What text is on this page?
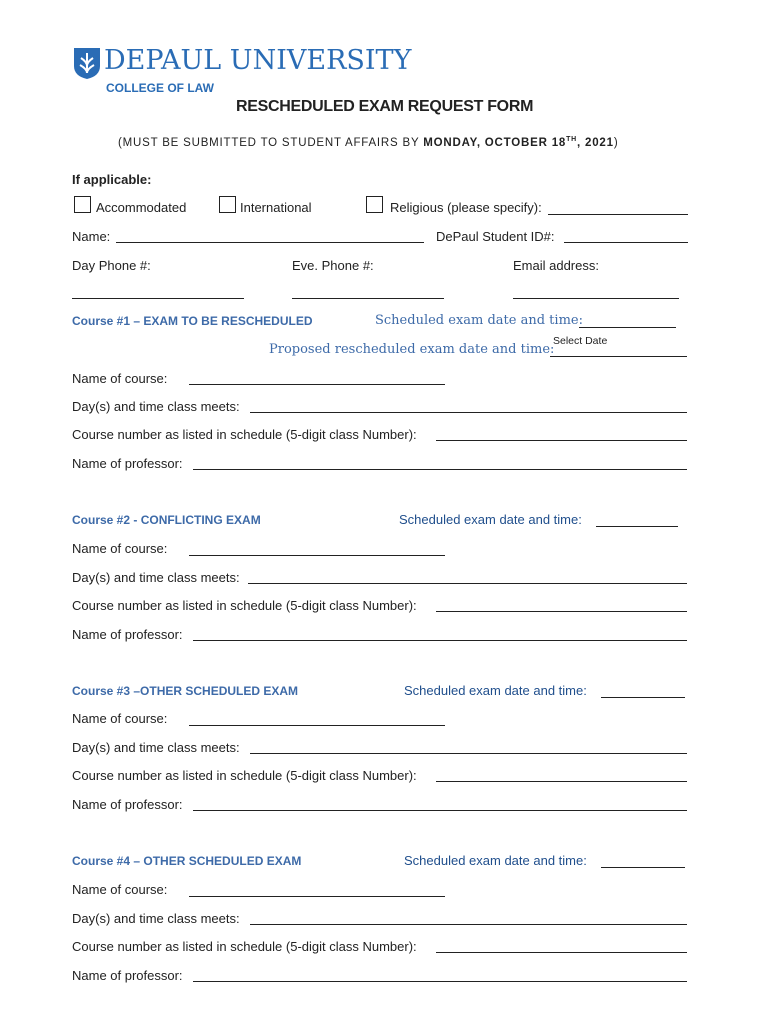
DEPAUL UNIVERSITY
COLLEGE OF LAW
RESCHEDULED EXAM REQUEST FORM
(MUST BE SUBMITTED TO STUDENT AFFAIRS BY MONDAY, OCTOBER 18TH, 2021)
If applicable:
Accommodated	International	Religious (please specify):
Name:	DePaul Student ID#:
Day Phone #:	Eve. Phone #:	Email address:
Course #1 – EXAM TO BE RESCHEDULED	Scheduled exam date and time:
Proposed rescheduled exam date and time:
Select Date
Name of course:
Day(s) and time class meets:
Course number as listed in schedule (5-digit class Number):
Name of professor:
Course #2 - CONFLICTING EXAM	Scheduled exam date and time:
Name of course:
Day(s) and time class meets:
Course number as listed in schedule (5-digit class Number):
Name of professor:
Course #3 –OTHER SCHEDULED EXAM	Scheduled exam date and time:
Name of course:
Day(s) and time class meets:
Course number as listed in schedule (5-digit class Number):
Name of professor:
Course #4 – OTHER SCHEDULED EXAM	Scheduled exam date and time:
Name of course:
Day(s) and time class meets:
Course number as listed in schedule (5-digit class Number):
Name of professor:
